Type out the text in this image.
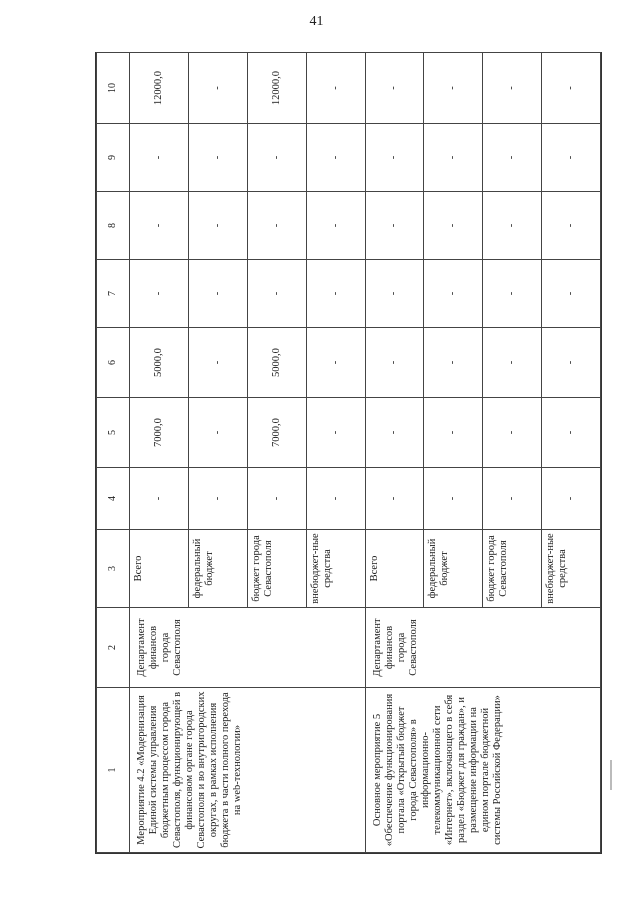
41
1	2	3	4	5	6	7	8	9	10
Мероприятие 4.2 «Модернизация Единой системы управления бюджетным процессом города Севастополя, функционирующей в финансовом органе города Севастополя и во внутригородских округах, в рамках исполнения бюджета в части полного перехода на web-технологии»	Департамент финансов города Севастополя	Всего	-	7000,0	5000,0	-	-	-	12000,0
		федеральный бюджет	-	-	-	-	-	-	-
		бюджет города Севастополя	-	7000,0	5000,0	-	-	-	12000,0
		внебюджет-ные средства	-	-	-	-	-	-	-
Основное мероприятие 5 «Обеспечение функционирования портала «Открытый бюджет города Севастополя» в информационно-телекоммуникационной сети «Интернет», включающего в себя раздел «Бюджет для граждан», и размещение информации на едином портале бюджетной системы Российской Федерации»	Департамент финансов города Севастополя	Всего	-	-	-	-	-	-	-
		федеральный бюджет	-	-	-	-	-	-	-
		бюджет города Севастополя	-	-	-	-	-	-	-
		внебюджет-ные средства	-	-	-	-	-	-	-
